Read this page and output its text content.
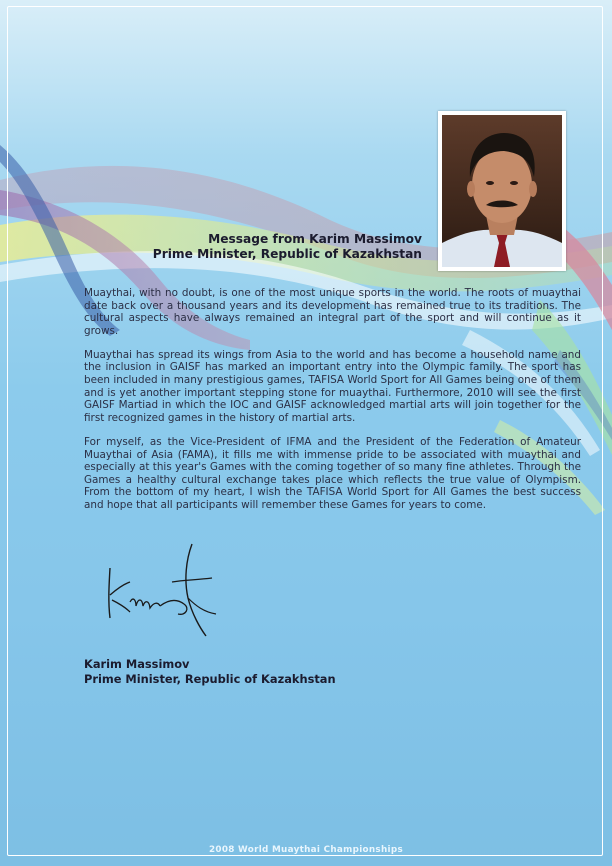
Message from Karim Massimov
Prime Minister, Republic of Kazakhstan

Muaythai, with no doubt, is one of the most unique sports in the world. The roots of muaythai date back over a thousand years and its development has remained true to its traditions. The cultural aspects have always remained an integral part of the sport and will continue as it grows.

Muaythai has spread its wings from Asia to the world and has become a household name and the inclusion in GAISF has marked an important entry into the Olympic family. The sport has been included in many prestigious games, TAFISA World Sport for All Games being one of them and is yet another important stepping stone for muaythai. Furthermore, 2010 will see the first GAISF Martiad in which the IOC and GAISF acknowledged martial arts will join together for the first recognized games in the history of martial arts.

For myself, as the Vice-President of IFMA and the President of the Federation of Amateur Muaythai of Asia (FAMA), it fills me with immense pride to be associated with muaythai and especially at this year's Games with the coming together of so many fine athletes. Through the Games a healthy cultural exchange takes place which reflects the true value of Olympism. From the bottom of my heart, I wish the TAFISA World Sport for All Games the best success and hope that all participants will remember these Games for years to come.

Karim Massimov
Prime Minister, Republic of Kazakhstan
2008 World Muaythai Championships
